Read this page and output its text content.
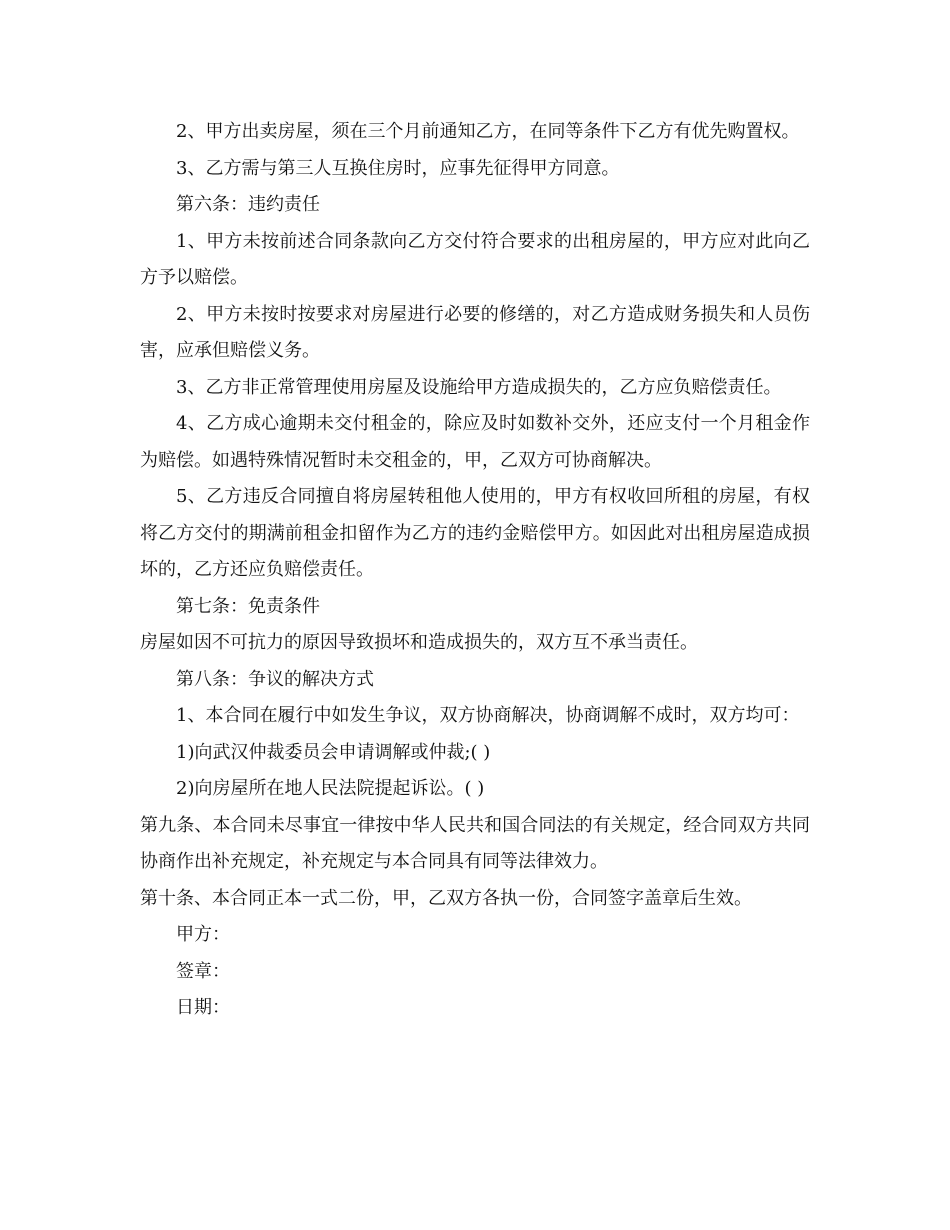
2、甲方出卖房屋，须在三个月前通知乙方，在同等条件下乙方有优先购置权。

3、乙方需与第三人互换住房时，应事先征得甲方同意。

第六条：违约责任

1、甲方未按前述合同条款向乙方交付符合要求的出租房屋的，甲方应对此向乙方予以赔偿。

2、甲方未按时按要求对房屋进行必要的修缮的，对乙方造成财务损失和人员伤害，应承但赔偿义务。

3、乙方非正常管理使用房屋及设施给甲方造成损失的，乙方应负赔偿责任。

4、乙方成心逾期未交付租金的，除应及时如数补交外，还应支付一个月租金作为赔偿。如遇特殊情况暂时未交租金的，甲，乙双方可协商解决。

5、乙方违反合同擅自将房屋转租他人使用的，甲方有权收回所租的房屋，有权将乙方交付的期满前租金扣留作为乙方的违约金赔偿甲方。如因此对出租房屋造成损坏的，乙方还应负赔偿责任。

第七条：免责条件

房屋如因不可抗力的原因导致损坏和造成损失的，双方互不承当责任。

第八条：争议的解决方式

1、本合同在履行中如发生争议，双方协商解决，协商调解不成时，双方均可：

1)向武汉仲裁委员会申请调解或仲裁;( )

2)向房屋所在地人民法院提起诉讼。( )

第九条、本合同未尽事宜一律按中华人民共和国合同法的有关规定，经合同双方共同协商作出补充规定，补充规定与本合同具有同等法律效力。

第十条、本合同正本一式二份，甲，乙双方各执一份，合同签字盖章后生效。

甲方：

签章：

日期：
